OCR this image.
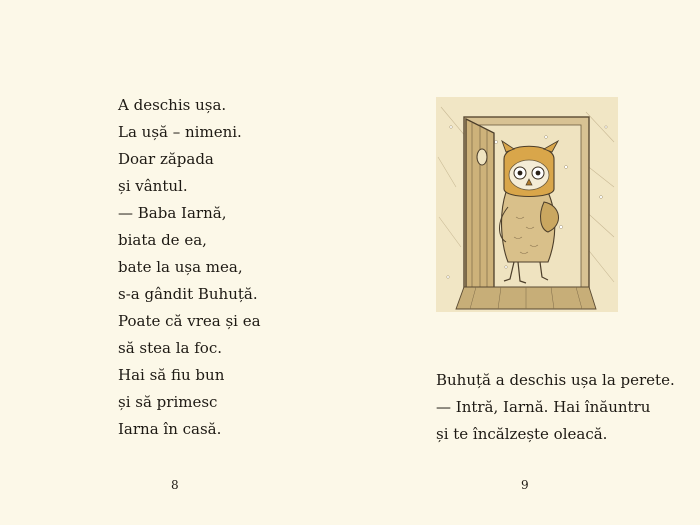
A deschis ușa.
La ușă – nimeni.
Doar zăpada
și vântul.
— Baba Iarnă,
biata de ea,
bate la ușa mea,
s-a gândit Buhuță.
Poate că vrea și ea
să stea la foc.
Hai să fiu bun
și să primesc
Iarna în casă.
Buhuță a deschis ușa la perete.
— Intră, Iarnă. Hai înăuntru
și te încălzește oleacă.
8	9
